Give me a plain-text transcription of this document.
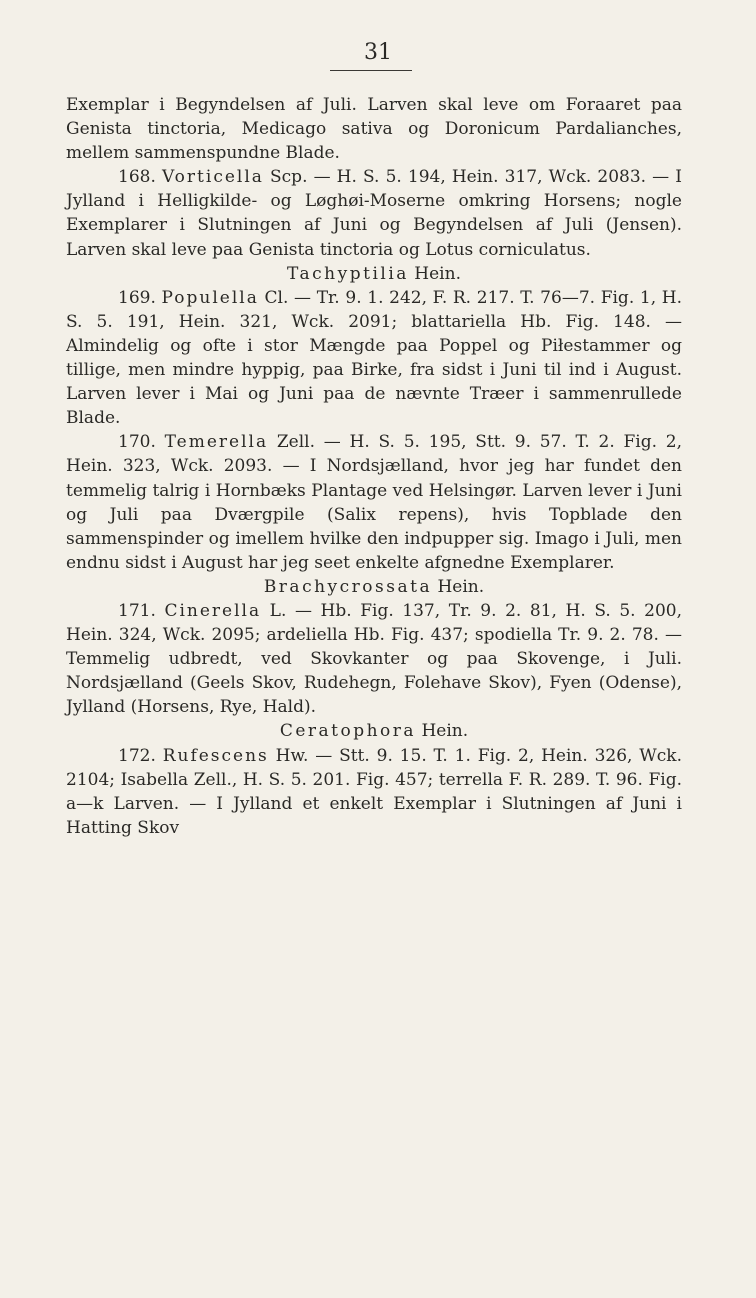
31

Exemplar i Begyndelsen af Juli. Larven skal leve om Foraaret paa Genista tinctoria, Medicago sativa og Doronicum Pardalianches, mellem sammenspundne Blade.

168. Vorticella Scp. — H. S. 5. 194, Hein. 317, Wck. 2083. — I Jylland i Helligkilde- og Løghøi-Moserne omkring Horsens; nogle Exemplarer i Slutningen af Juni og Begyndelsen af Juli (Jensen). Larven skal leve paa Genista tinctoria og Lotus corniculatus.

Tachyptilia Hein.

169. Populella Cl. — Tr. 9. 1. 242, F. R. 217. T. 76—7. Fig. 1, H. S. 5. 191, Hein. 321, Wck. 2091; blattariella Hb. Fig. 148. — Almindelig og ofte i stor Mængde paa Poppel og Piłestammer og tillige, men mindre hyppig, paa Birke, fra sidst i Juni til ind i August. Larven lever i Mai og Juni paa de nævnte Træer i sammenrullede Blade.

170. Temerella Zell. — H. S. 5. 195, Stt. 9. 57. T. 2. Fig. 2, Hein. 323, Wck. 2093. — I Nordsjælland, hvor jeg har fundet den temmelig talrig i Hornbæks Plantage ved Helsingør. Larven lever i Juni og Juli paa Dværgpile (Salix repens), hvis Topblade den sammenspinder og imellem hvilke den indpupper sig. Imago i Juli, men endnu sidst i August har jeg seet enkelte afgnedne Exemplarer.

Brachycrossata Hein.

171. Cinerella L. — Hb. Fig. 137, Tr. 9. 2. 81, H. S. 5. 200, Hein. 324, Wck. 2095; ardeliella Hb. Fig. 437; spodiella Tr. 9. 2. 78. — Temmelig udbredt, ved Skovkanter og paa Skovenge, i Juli. Nordsjælland (Geels Skov, Rudehegn, Folehave Skov), Fyen (Odense), Jylland (Horsens, Rye, Hald).

Ceratophora Hein.

172. Rufescens Hw. — Stt. 9. 15. T. 1. Fig. 2, Hein. 326, Wck. 2104; Isabella Zell., H. S. 5. 201. Fig. 457; terrella F. R. 289. T. 96. Fig. a—k Larven. — I Jylland et enkelt Exemplar i Slutningen af Juni i Hatting Skov
